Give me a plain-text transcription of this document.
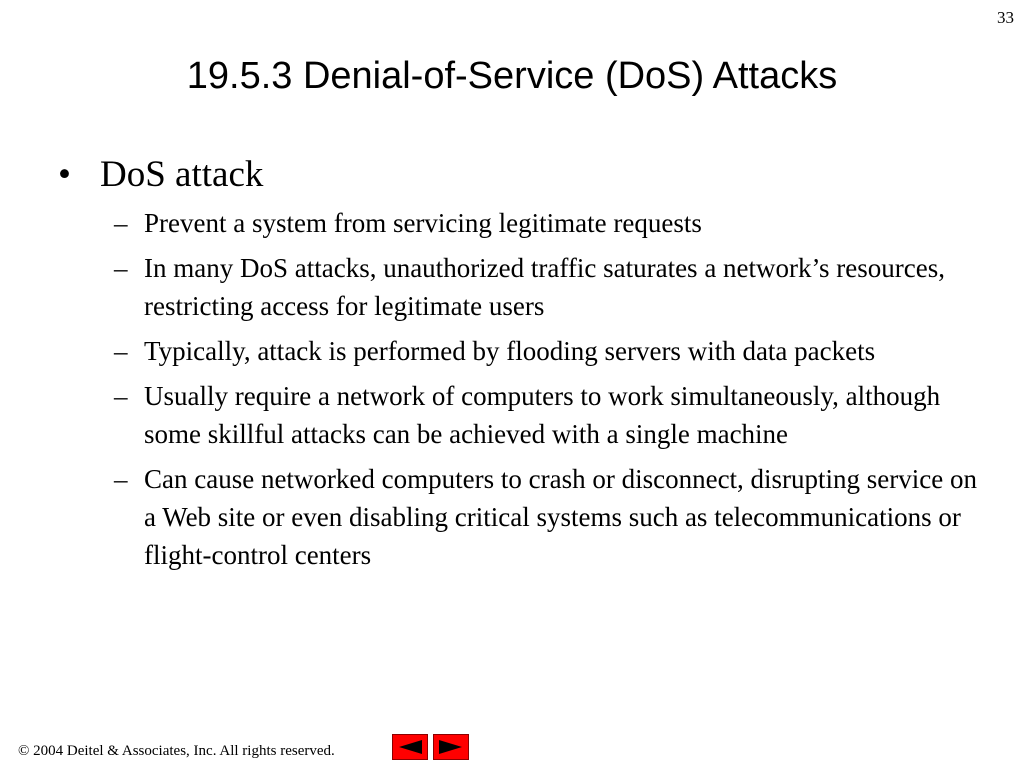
33
19.5.3 Denial-of-Service (DoS) Attacks
• DoS attack
– Prevent a system from servicing legitimate requests
– In many DoS attacks, unauthorized traffic saturates a network’s resources, restricting access for legitimate users
– Typically, attack is performed by flooding servers with data packets
– Usually require a network of computers to work simultaneously, although some skillful attacks can be achieved with a single machine
– Can cause networked computers to crash or disconnect, disrupting service on a Web site or even disabling critical systems such as telecommunications or flight-control centers
© 2004 Deitel & Associates, Inc. All rights reserved.
